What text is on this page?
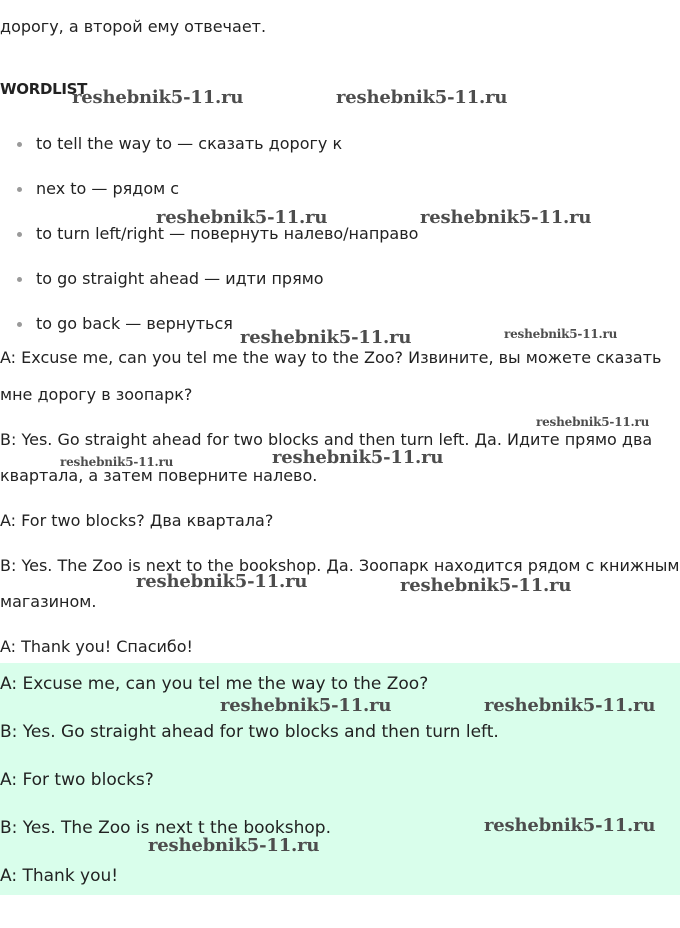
дорогу, а второй ему отвечает.
WORDLIST
to tell the way to — сказать дорогу к
nex to — рядом с
to turn left/right — повернуть налево/направо
to go straight ahead — идти прямо
to go back — вернуться
A: Excuse me, can you tel me the way to the Zoo? Извините, вы можете сказать
мне дорогу в зоопарк?
B: Yes. Go straight ahead for two blocks and then turn left. Да. Идите прямо два
квартала, а затем поверните налево.
A: For two blocks? Два квартала?
B: Yes. The Zoo is next to the bookshop. Да. Зоопарк находится рядом с книжным
магазином.
A: Thank you! Спасибо!
A: Excuse me, can you tel me the way to the Zoo?
B: Yes. Go straight ahead for two blocks and then turn left.
A: For two blocks?
B: Yes. The Zoo is next t the bookshop.
A: Thank you!
reshebnik5-11.ru	reshebnik5-11.ru
reshebnik5-11.ru	reshebnik5-11.ru
reshebnik5-11.ru	reshebnik5-11.ru
reshebnik5-11.ru
reshebnik5-11.ru	reshebnik5-11.ru
reshebnik5-11.ru	reshebnik5-11.ru
reshebnik5-11.ru	reshebnik5-11.ru
reshebnik5-11.ru
reshebnik5-11.ru
